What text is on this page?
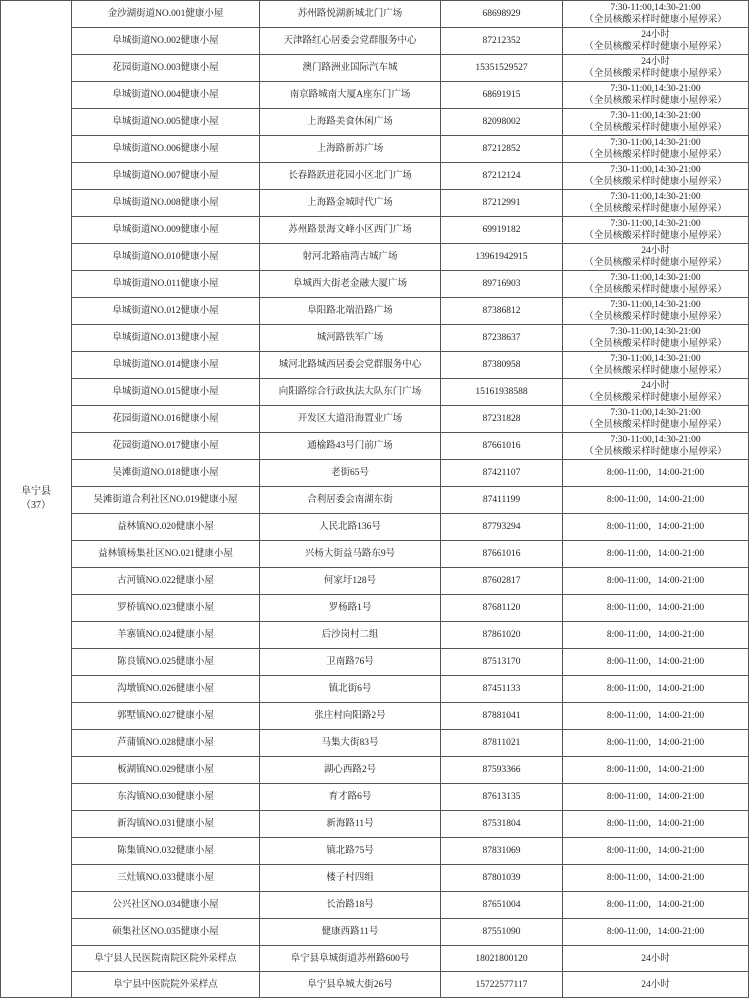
阜宁县
（37）	金沙湖街道NO.001健康小屋	苏州路悦湖新城北门广场	68698929	7:30-11:00,14:30-21:00
（全员核酸采样时健康小屋停采）

	阜城街道NO.002健康小屋	天津路红心居委会党群服务中心	87212352	24小时
（全员核酸采样时健康小屋停采）

	花园街道NO.003健康小屋	澳门路洲业国际汽车城	15351529527	24小时
（全员核酸采样时健康小屋停采）

	阜城街道NO.004健康小屋	南京路城南大厦A座东门广场	68691915	7:30-11:00,14:30-21:00
（全员核酸采样时健康小屋停采）

	阜城街道NO.005健康小屋	上海路美食休闲广场	82098002	7:30-11:00,14:30-21:00
（全员核酸采样时健康小屋停采）

	阜城街道NO.006健康小屋	上海路新苏广场	87212852	7:30-11:00,14:30-21:00
（全员核酸采样时健康小屋停采）

	阜城街道NO.007健康小屋	长春路跃进花园小区北门广场	87212124	7:30-11:00,14:30-21:00
（全员核酸采样时健康小屋停采）

	阜城街道NO.008健康小屋	上海路金城时代广场	87212991	7:30-11:00,14:30-21:00
（全员核酸采样时健康小屋停采）

	阜城街道NO.009健康小屋	苏州路景海文峰小区西门广场	69919182	7:30-11:00,14:30-21:00
（全员核酸采样时健康小屋停采）

	阜城街道NO.010健康小屋	射河北路庙湾古城广场	13961942915	24小时
（全员核酸采样时健康小屋停采）

	阜城街道NO.011健康小屋	阜城西大街老金融大厦广场	89716903	7:30-11:00,14:30-21:00
（全员核酸采样时健康小屋停采）

	阜城街道NO.012健康小屋	阜阳路北端沿路广场	87386812	7:30-11:00,14:30-21:00
（全员核酸采样时健康小屋停采）

	阜城街道NO.013健康小屋	城河路铁军广场	87238637	7:30-11:00,14:30-21:00
（全员核酸采样时健康小屋停采）

	阜城街道NO.014健康小屋	城河北路城西居委会党群服务中心	87380958	7:30-11:00,14:30-21:00
（全员核酸采样时健康小屋停采）

	阜城街道NO.015健康小屋	向阳路综合行政执法大队东门广场	15161938588	24小时
（全员核酸采样时健康小屋停采）

	花园街道NO.016健康小屋	开发区大道沿海置业广场	87231828	7:30-11:00,14:30-21:00
（全员核酸采样时健康小屋停采）

	花园街道NO.017健康小屋	通榆路43号门前广场	87661016	7:30-11:00,14:30-21:00
（全员核酸采样时健康小屋停采）

	吴滩街道NO.018健康小屋	老街65号	87421107	8:00-11:00，14:00-21:00

	吴滩街道合利社区NO.019健康小屋	合利居委会南湖东街	87411199	8:00-11:00，14:00-21:00

	益林镇NO.020健康小屋	人民北路136号	87793294	8:00-11:00，14:00-21:00

	益林镇杨集社区NO.021健康小屋	兴杨大街益马路东9号	87661016	8:00-11:00，14:00-21:00

	古河镇NO.022健康小屋	何家圩128号	87602817	8:00-11:00，14:00-21:00

	罗桥镇NO.023健康小屋	罗杨路1号	87681120	8:00-11:00，14:00-21:00

	羊寨镇NO.024健康小屋	后沙岗村二组	87861020	8:00-11:00，14:00-21:00

	陈良镇NO.025健康小屋	卫南路76号	87513170	8:00-11:00，14:00-21:00

	沟墩镇NO.026健康小屋	镇北街6号	87451133	8:00-11:00，14:00-21:00

	郭墅镇NO.027健康小屋	张庄村向阳路2号	87881041	8:00-11:00，14:00-21:00

	芦蒲镇NO.028健康小屋	马集大街83号	87811021	8:00-11:00，14:00-21:00

	板湖镇NO.029健康小屋	湖心西路2号	87593366	8:00-11:00，14:00-21:00

	东沟镇NO.030健康小屋	育才路6号	87613135	8:00-11:00，14:00-21:00

	新沟镇NO.031健康小屋	新海路11号	87531804	8:00-11:00，14:00-21:00

	陈集镇NO.032健康小屋	镇北路75号	87831069	8:00-11:00，14:00-21:00

	三灶镇NO.033健康小屋	楼子村四组	87801039	8:00-11:00，14:00-21:00

	公兴社区NO.034健康小屋	长治路18号	87651004	8:00-11:00，14:00-21:00

	硕集社区NO.035健康小屋	健康西路11号	87551090	8:00-11:00，14:00-21:00

	阜宁县人民医院南院区院外采样点	阜宁县阜城街道苏州路600号	18021800120	24小时

	阜宁县中医院院外采样点	阜宁县阜城大街26号	15722577117	24小时
